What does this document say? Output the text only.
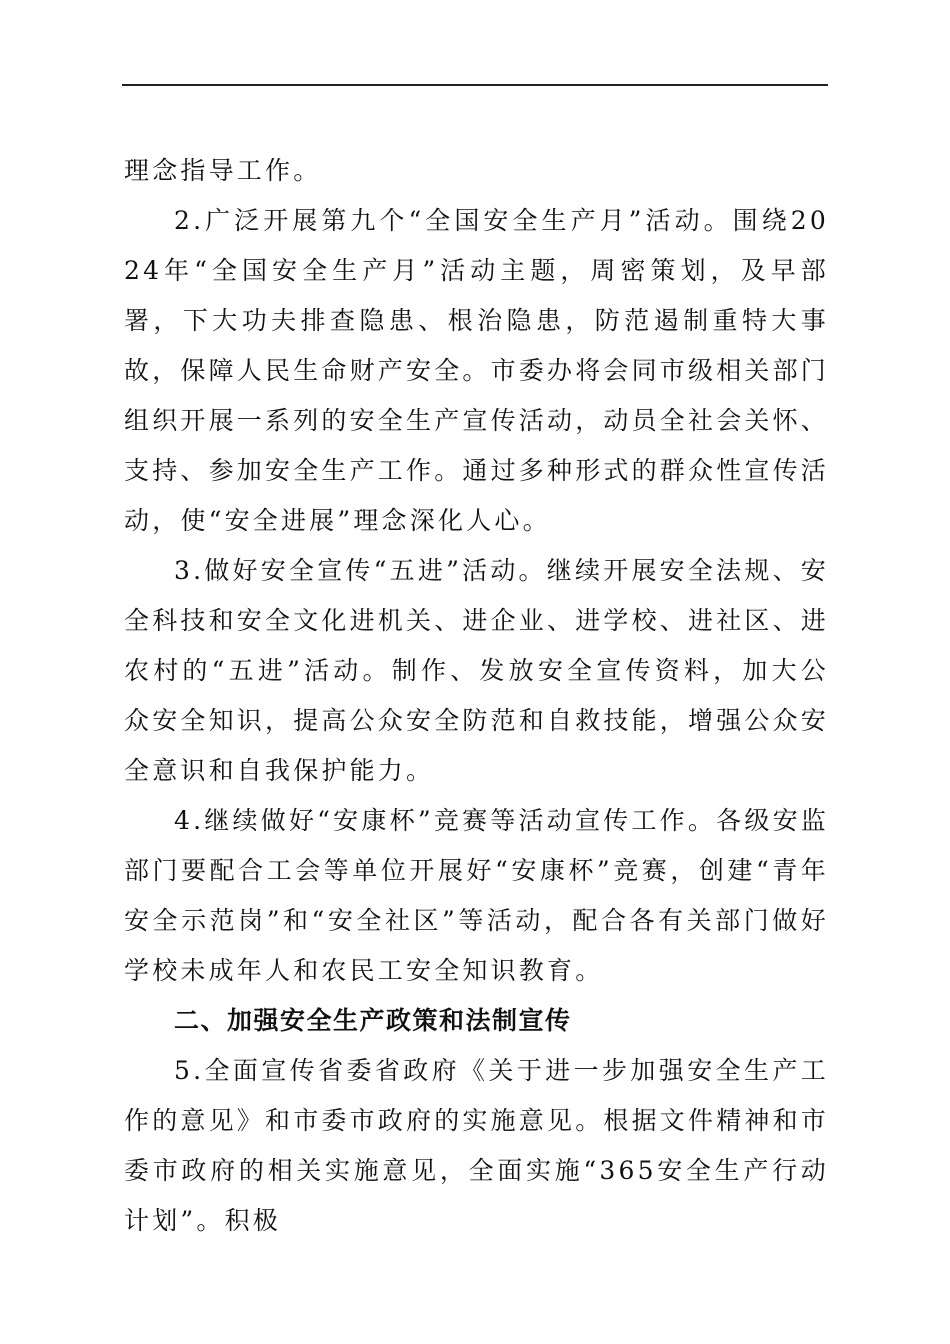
理念指导工作。

2.广泛开展第九个“全国安全生产月”活动。围绕2024年“全国安全生产月”活动主题，周密策划，及早部署，下大功夫排查隐患、根治隐患，防范遏制重特大事故，保障人民生命财产安全。市委办将会同市级相关部门组织开展一系列的安全生产宣传活动，动员全社会关怀、支持、参加安全生产工作。通过多种形式的群众性宣传活动，使“安全进展”理念深化人心。

3.做好安全宣传“五进”活动。继续开展安全法规、安全科技和安全文化进机关、进企业、进学校、进社区、进农村的“五进”活动。制作、发放安全宣传资料，加大公众安全知识，提高公众安全防范和自救技能，增强公众安全意识和自我保护能力。

4.继续做好“安康杯”竞赛等活动宣传工作。各级安监部门要配合工会等单位开展好“安康杯”竞赛，创建“青年安全示范岗”和“安全社区”等活动，配合各有关部门做好学校未成年人和农民工安全知识教育。

二、加强安全生产政策和法制宣传

5.全面宣传省委省政府《关于进一步加强安全生产工作的意见》和市委市政府的实施意见。根据文件精神和市委市政府的相关实施意见，全面实施“365安全生产行动计划”。积极
